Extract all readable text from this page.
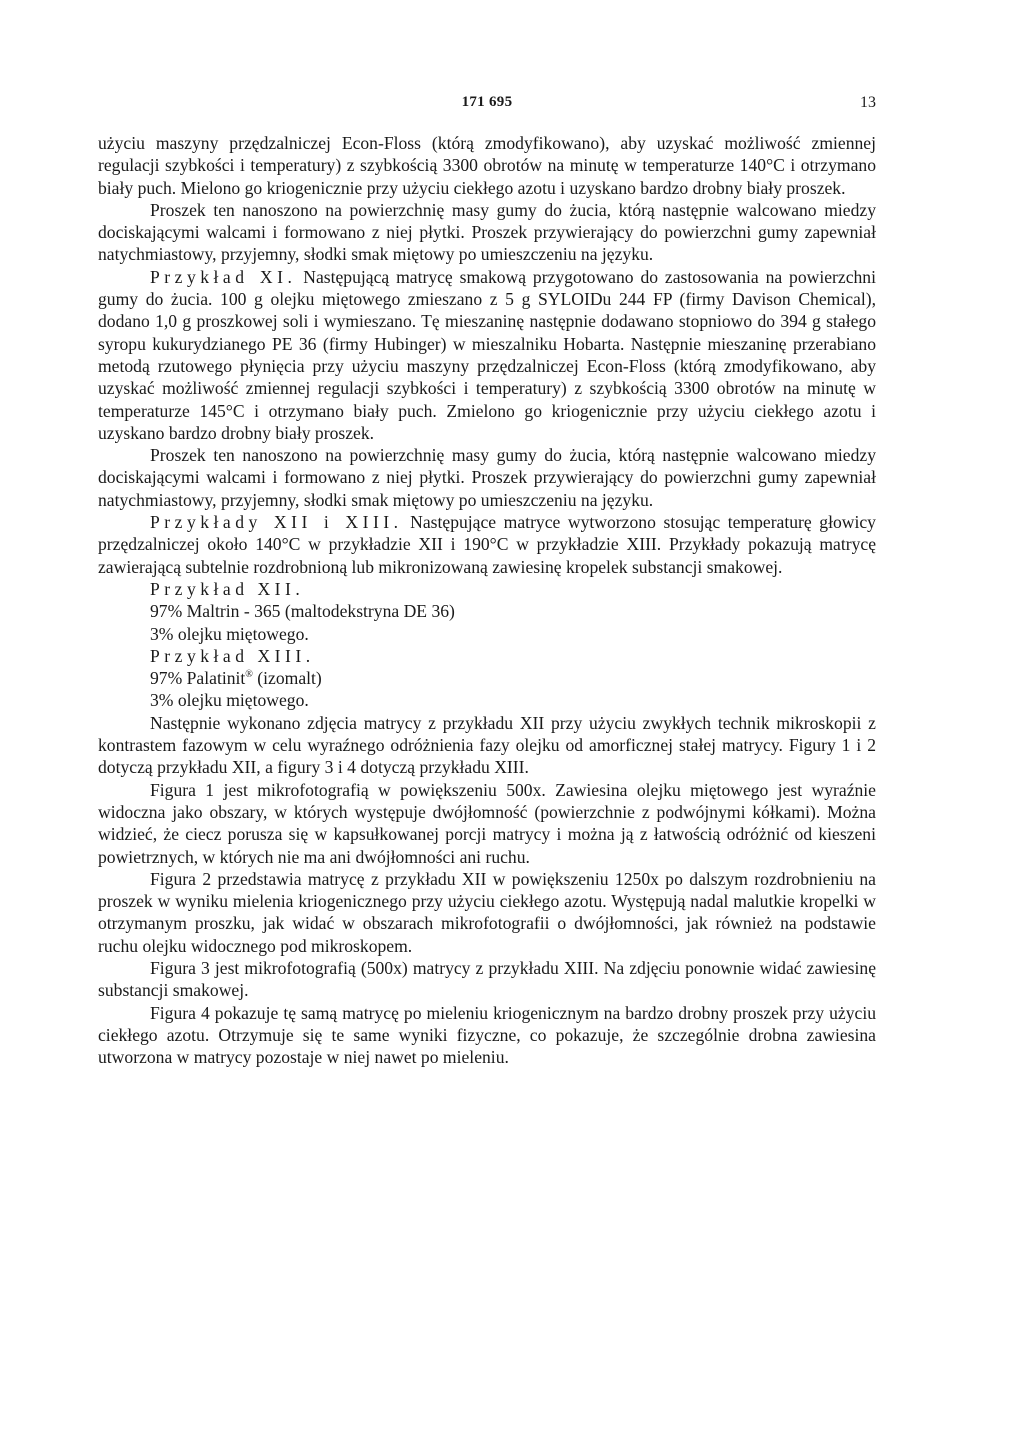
171 695	13

użyciu maszyny przędzalniczej Econ-Floss (którą zmodyfikowano), aby uzyskać możliwość zmiennej regulacji szybkości i temperatury) z szybkością 3300 obrotów na minutę w temperaturze 140°C i otrzymano biały puch. Mielono go kriogenicznie przy użyciu ciekłego azotu i uzyskano bardzo drobny biały proszek.

Proszek ten nanoszono na powierzchnię masy gumy do żucia, którą następnie walcowano miedzy dociskającymi walcami i formowano z niej płytki. Proszek przywierający do powierzchni gumy zapewniał natychmiastowy, przyjemny, słodki smak miętowy po umieszczeniu na języku.

Przykład XI. Następującą matrycę smakową przygotowano do zastosowania na powierzchni gumy do żucia. 100 g olejku miętowego zmieszano z 5 g SYLOIDu 244 FP (firmy Davison Chemical), dodano 1,0 g proszkowej soli i wymieszano. Tę mieszaninę następnie dodawano stopniowo do 394 g stałego syropu kukurydzianego PE 36 (firmy Hubinger) w mieszalniku Hobarta. Następnie mieszaninę przerabiano metodą rzutowego płynięcia przy użyciu maszyny przędzalniczej Econ-Floss (którą zmodyfikowano, aby uzyskać możliwość zmiennej regulacji szybkości i temperatury) z szybkością 3300 obrotów na minutę w temperaturze 145°C i otrzymano biały puch. Zmielono go kriogenicznie przy użyciu ciekłego azotu i uzyskano bardzo drobny biały proszek.

Proszek ten nanoszono na powierzchnię masy gumy do żucia, którą następnie walcowano miedzy dociskającymi walcami i formowano z niej płytki. Proszek przywierający do powierzchni gumy zapewniał natychmiastowy, przyjemny, słodki smak miętowy po umieszczeniu na języku.

Przykłady XII i XIII. Następujące matryce wytworzono stosując temperaturę głowicy przędzalniczej około 140°C w przykładzie XII i 190°C w przykładzie XIII. Przykłady pokazują matrycę zawierającą subtelnie rozdrobnioną lub mikronizowaną zawiesinę kropelek substancji smakowej.

Przykład XII.

97% Maltrin - 365 (maltodekstryna DE 36)

3% olejku miętowego.

Przykład XIII.

97% Palatinit® (izomalt)

3% olejku miętowego.

Następnie wykonano zdjęcia matrycy z przykładu XII przy użyciu zwykłych technik mikroskopii z kontrastem fazowym w celu wyraźnego odróżnienia fazy olejku od amorficznej stałej matrycy. Figury 1 i 2 dotyczą przykładu XII, a figury 3 i 4 dotyczą przykładu XIII.

Figura 1 jest mikrofotografią w powiększeniu 500x. Zawiesina olejku miętowego jest wyraźnie widoczna jako obszary, w których występuje dwójłomność (powierzchnie z podwójnymi kółkami). Można widzieć, że ciecz porusza się w kapsułkowanej porcji matrycy i można ją z łatwością odróżnić od kieszeni powietrznych, w których nie ma ani dwójłomności ani ruchu.

Figura 2 przedstawia matrycę z przykładu XII w powiększeniu 1250x po dalszym rozdrobnieniu na proszek w wyniku mielenia kriogenicznego przy użyciu ciekłego azotu. Występują nadal malutkie kropelki w otrzymanym proszku, jak widać w obszarach mikrofotografii o dwójłomności, jak również na podstawie ruchu olejku widocznego pod mikroskopem.

Figura 3 jest mikrofotografią (500x) matrycy z przykładu XIII. Na zdjęciu ponownie widać zawiesinę substancji smakowej.

Figura 4 pokazuje tę samą matrycę po mieleniu kriogenicznym na bardzo drobny proszek przy użyciu ciekłego azotu. Otrzymuje się te same wyniki fizyczne, co pokazuje, że szczególnie drobna zawiesina utworzona w matrycy pozostaje w niej nawet po mieleniu.
